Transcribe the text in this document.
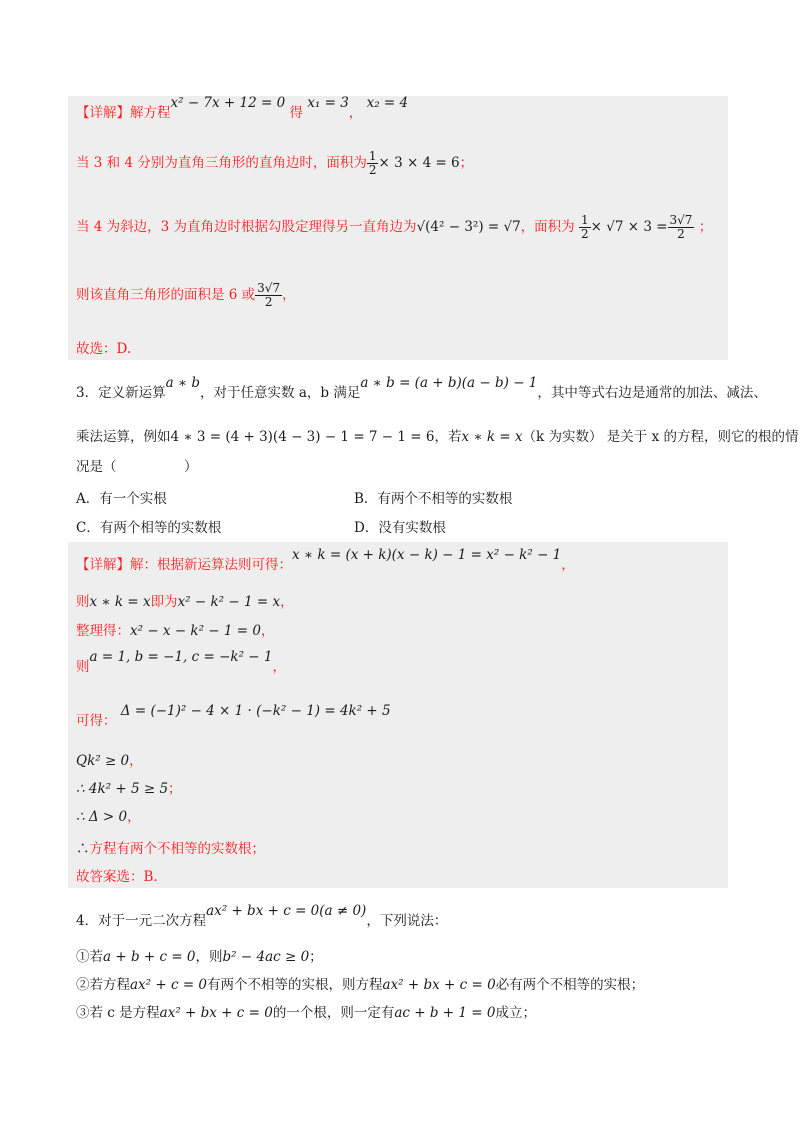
【详解】解方程x² − 7x + 12 = 0 得 x₁ = 3， x₂ = 4
当 3 和 4 分别为直角三角形的直角边时，面积为 $\frac{1}{2} \times 3 \times 4 = 6$；
当 4 为斜边，3 为直角边时根据勾股定理得另一直角边为√(4² − 3²) = √7，面积为 $\frac{1}{2} \times √7 \times 3 = \frac{3√7}{2}$ ；
则该直角三角形的面积是 6 或 $\frac{3√7}{2}$ ，
故选：D.
3．定义新运算a ∗ b，对于任意实数 a，b 满足a ∗ b = (a + b)(a − b) − 1，其中等式右边是通常的加法、减法、
乘法运算，例如4 ∗ 3 = (4 + 3)(4 − 3) − 1 = 7 − 1 = 6，若x ∗ k = x（k 为实数） 是关于 x 的方程，则它的根的情
况是（　　　　　）
A．有一个实根	B．有两个不相等的实数根
C．有两个相等的实数根	D．没有实数根
【详解】解：根据新运算法则可得：x ∗ k = (x + k)(x − k) − 1 = x² − k² − 1，
则x ∗ k = x即为x² − k² − 1 = x，
整理得：x² − x − k² − 1 = 0，
则a = 1, b = −1, c = −k² − 1，
可得： Δ = (−1)² − 4 × 1 · (−k² − 1) = 4k² + 5
Qk² ≥ 0，
∴ 4k² + 5 ≥ 5；
∴ Δ > 0，
∴方程有两个不相等的实数根；
故答案选：B.
4．对于一元二次方程ax² + bx + c = 0(a ≠ 0)，下列说法：
①若a + b + c = 0，则b² − 4ac ≥ 0；
②若方程ax² + c = 0有两个不相等的实根，则方程ax² + bx + c = 0必有两个不相等的实根；
③若 c 是方程ax² + bx + c = 0的一个根，则一定有ac + b + 1 = 0成立；
